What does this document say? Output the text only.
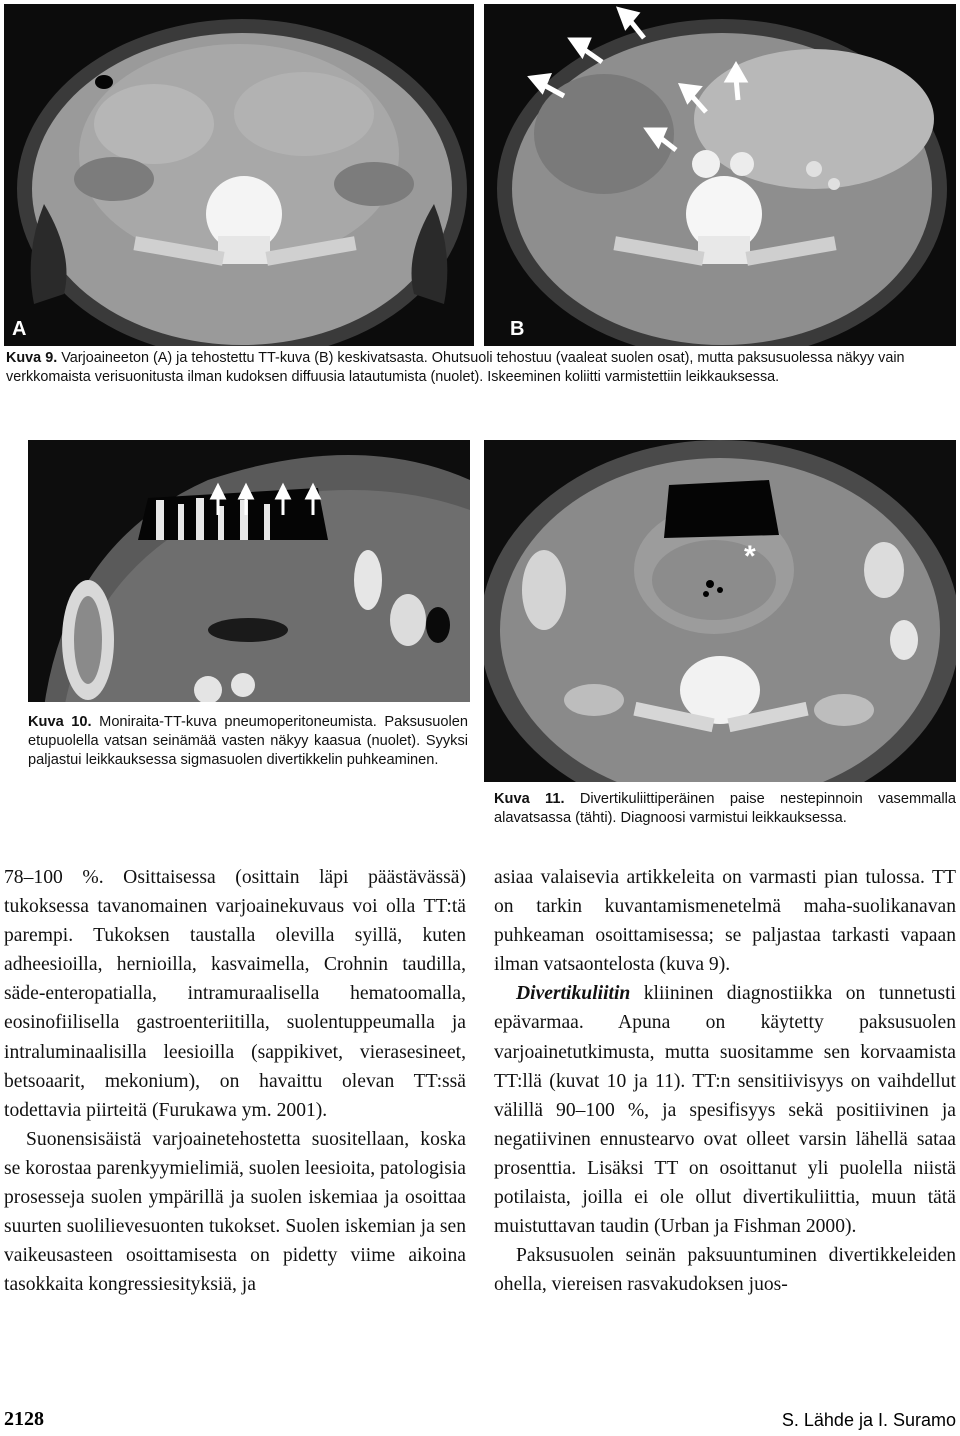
A	B
Kuva 9. Varjoaineeton (A) ja tehostettu TT-kuva (B) keskivatsasta. Ohutsuoli tehostuu (vaaleat suolen osat), mutta paksusuolessa näkyy vain verkkomaista verisuonitusta ilman kudoksen diffuusia latautumista (nuolet). Iskeeminen koliitti varmistettiin leikkauksessa.
Kuva 10. Moniraita-TT-kuva pneumoperitoneumista. Paksusuolen etupuolella vatsan seinämää vasten näkyy kaasua (nuolet). Syyksi paljastui leikkauksessa sigmasuolen divertikkelin puhkeaminen.
*
Kuva 11. Divertikuliittiperäinen paise nestepinnoin vasemmalla alavatsassa (tähti). Diagnoosi varmistui leikkauksessa.

78–100 %. Osittaisessa (osittain läpi päästävässä) tukoksessa tavanomainen varjoainekuvaus voi olla TT:tä parempi. Tukoksen taustalla olevilla syillä, kuten adheesioilla, hernioilla, kasvaimella, Crohnin taudilla, säde-enteropatialla, intramuraalisella hematoomalla, eosinofiilisella gastroenteriitilla, suolentuppeumalla ja intraluminaalisilla leesioilla (sappikivet, vierasesineet, betsoaarit, mekonium), on havaittu olevan TT:ssä todettavia piirteitä (Furukawa ym. 2001).

Suonensisäistä varjoainetehostetta suositellaan, koska se korostaa parenkyymielimiä, suolen leesioita, patologisia prosesseja suolen ympärillä ja suolen iskemiaa ja osoittaa suurten suolilievesuonten tukokset. Suolen iskemian ja sen vaikeusasteen osoittamisesta on pidetty viime aikoina tasokkaita kongressiesityksiä, ja

asiaa valaisevia artikkeleita on varmasti pian tulossa. TT on tarkin kuvantamismenetelmä maha-suolikanavan puhkeaman osoittamisessa; se paljastaa tarkasti vapaan ilman vatsaontelosta (kuva 9).

Divertikuliitin kliininen diagnostiikka on tunnetusti epävarmaa. Apuna on käytetty paksusuolen varjoainetutkimusta, mutta suositamme sen korvaamista TT:llä (kuvat 10 ja 11). TT:n sensitiivisyys on vaihdellut välillä 90–100 %, ja spesifisyys sekä positiivinen ja negatiivinen ennustearvo ovat olleet varsin lähellä sataa prosenttia. Lisäksi TT on osoittanut yli puolella niistä potilaista, joilla ei ole ollut divertikuliittia, muun tätä muistuttavan taudin (Urban ja Fishman 2000).

Paksusuolen seinän paksuuntuminen divertikkeleiden ohella, viereisen rasvakudoksen juos-

2128	S. Lähde ja I. Suramo
